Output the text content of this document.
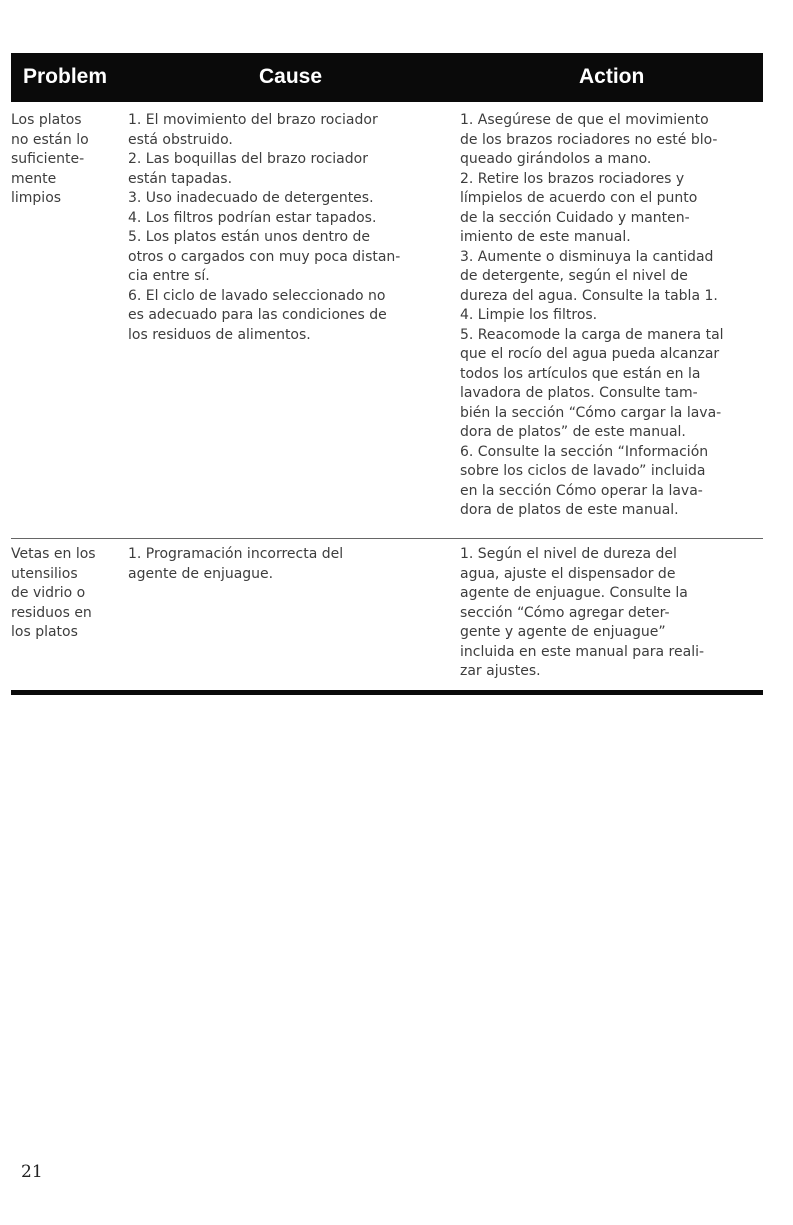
Problem	Cause	Action
Los platos
no están lo
suficiente-
mente
limpios
1. El movimiento del brazo rociador
está obstruido.
2. Las boquillas del brazo rociador
están tapadas.
3. Uso inadecuado de detergentes.
4. Los filtros podrían estar tapados.
5. Los platos están unos dentro de
otros o cargados con muy poca distan-
cia entre sí.
6. El ciclo de lavado seleccionado no
es adecuado para las condiciones de
los residuos de alimentos.
1. Asegúrese de que el movimiento
de los brazos rociadores no esté blo-
queado girándolos a mano.
2. Retire los brazos rociadores y
límpielos de acuerdo con el punto
de la sección Cuidado y manten-
imiento de este manual.
3. Aumente o disminuya la cantidad
de detergente, según el nivel de
dureza del agua. Consulte la tabla 1.
4. Limpie los filtros.
5. Reacomode la carga de manera tal
que el rocío del agua pueda alcanzar
todos los artículos que están en la
lavadora de platos. Consulte tam-
bién la sección “Cómo cargar la lava-
dora de platos” de este manual.
6. Consulte la sección “Información
sobre los ciclos de lavado” incluida
en la sección Cómo operar la lava-
dora de platos de este manual.
Vetas en los
utensilios
de vidrio o
residuos en
los platos
1. Programación incorrecta del
agente de enjuague.
1. Según el nivel de dureza del
agua, ajuste el dispensador de
agente de enjuague. Consulte la
sección “Cómo agregar deter-
gente y agente de enjuague”
incluida en este manual para reali-
zar ajustes.
21
